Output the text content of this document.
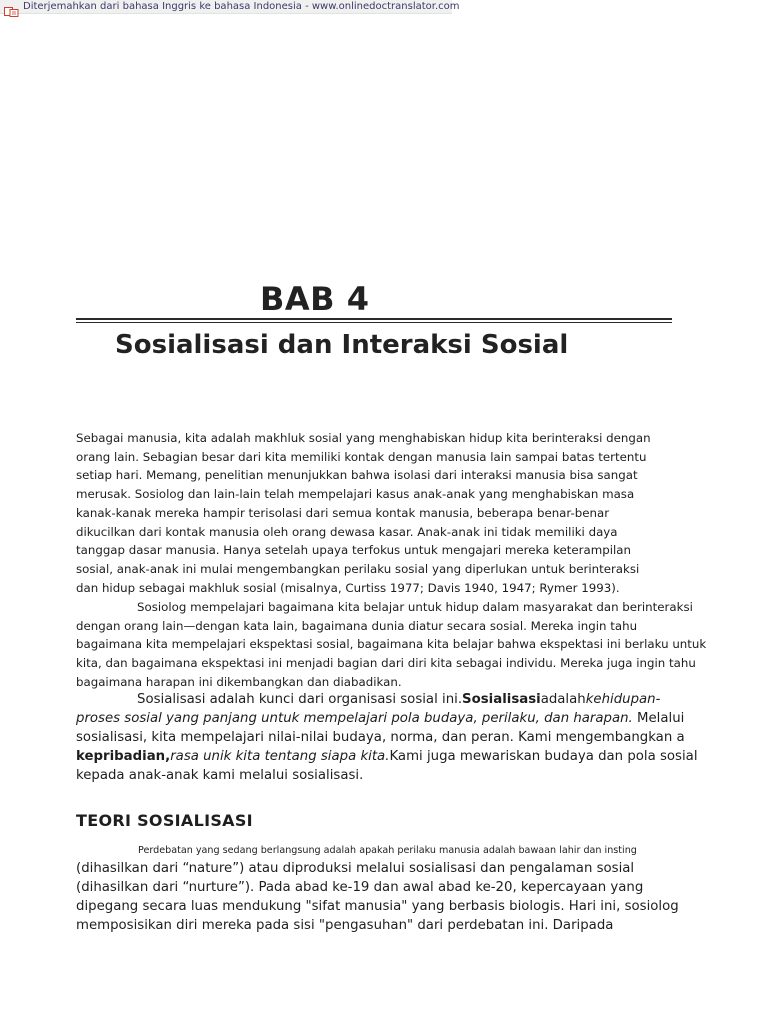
Diterjemahkan dari bahasa Inggris ke bahasa Indonesia - www.onlinedoctranslator.com
BAB 4
Sosialisasi dan Interaksi Sosial
Sebagai manusia, kita adalah makhluk sosial yang menghabiskan hidup kita berinteraksi dengan
orang lain. Sebagian besar dari kita memiliki kontak dengan manusia lain sampai batas tertentu
setiap hari. Memang, penelitian menunjukkan bahwa isolasi dari interaksi manusia bisa sangat
merusak. Sosiolog dan lain-lain telah mempelajari kasus anak-anak yang menghabiskan masa
kanak-kanak mereka hampir terisolasi dari semua kontak manusia, beberapa benar-benar
dikucilkan dari kontak manusia oleh orang dewasa kasar. Anak-anak ini tidak memiliki daya
tanggap dasar manusia. Hanya setelah upaya terfokus untuk mengajari mereka keterampilan
sosial, anak-anak ini mulai mengembangkan perilaku sosial yang diperlukan untuk berinteraksi
dan hidup sebagai makhluk sosial (misalnya, Curtiss 1977; Davis 1940, 1947; Rymer 1993).
Sosiolog mempelajari bagaimana kita belajar untuk hidup dalam masyarakat dan berinteraksi
dengan orang lain—dengan kata lain, bagaimana dunia diatur secara sosial. Mereka ingin tahu
bagaimana kita mempelajari ekspektasi sosial, bagaimana kita belajar bahwa ekspektasi ini berlaku untuk
kita, dan bagaimana ekspektasi ini menjadi bagian dari diri kita sebagai individu. Mereka juga ingin tahu
bagaimana harapan ini dikembangkan dan diabadikan.
Sosialisasi adalah kunci dari organisasi sosial ini.Sosialisasiadalahkehidupan-
proses sosial yang panjang untuk mempelajari pola budaya, perilaku, dan harapan. Melalui
sosialisasi, kita mempelajari nilai-nilai budaya, norma, dan peran. Kami mengembangkan a
kepribadian,rasa unik kita tentang siapa kita.Kami juga mewariskan budaya dan pola sosial
kepada anak-anak kami melalui sosialisasi.
TEORI SOSIALISASI
Perdebatan yang sedang berlangsung adalah apakah perilaku manusia adalah bawaan lahir dan insting
(dihasilkan dari “nature”) atau diproduksi melalui sosialisasi dan pengalaman sosial
(dihasilkan dari “nurture”). Pada abad ke-19 dan awal abad ke-20, kepercayaan yang
dipegang secara luas mendukung "sifat manusia" yang berbasis biologis. Hari ini, sosiolog
memposisikan diri mereka pada sisi "pengasuhan" dari perdebatan ini. Daripada
